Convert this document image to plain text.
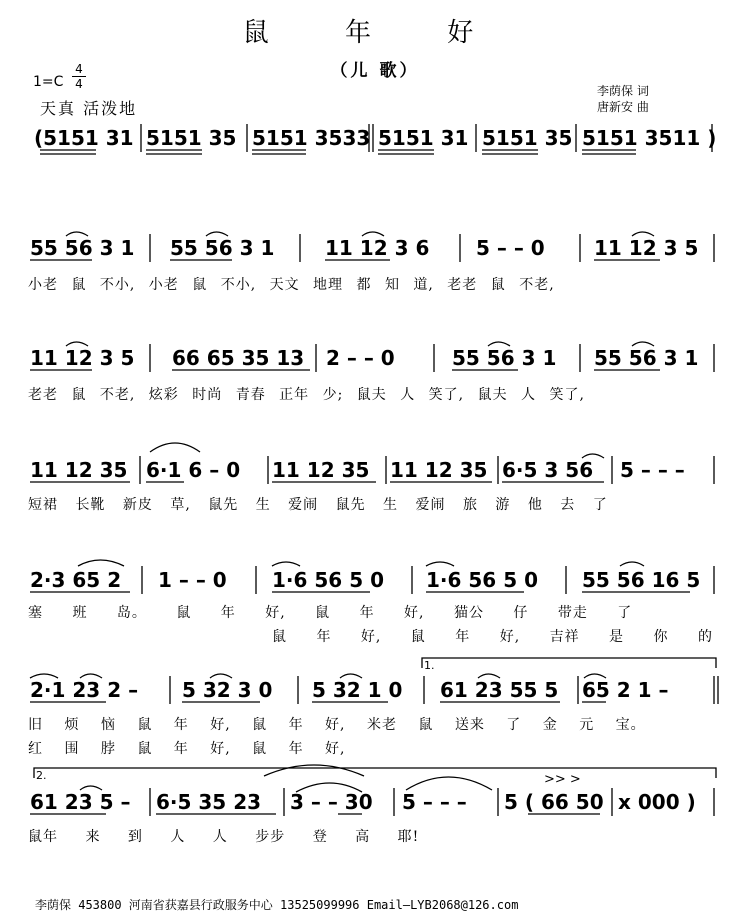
鼠 年 好
（儿 歌）
$1=C \frac{4}{4}$
天真 活泼地
李荫保 词
唐新安 曲
(5151 31 5151 35 5151 3533 5151 31 5151 35 5151 3511 )
55 56 3 1 55 56 3 1	11 12 3 6 5 – – 0 11 12 3 5
小老 鼠 不小, 小老 鼠 不小, 天文 地理 都 知 道, 老老 鼠 不老,
11 12 3 5 66 65 35 13 2 – – 0	55 56 3 1 55 56 3 1
老老 鼠 不老, 炫彩 时尚 青春 正年 少; 鼠夫 人 笑了, 鼠夫 人 笑了,
11 12 35 6·1 6 – 0 11 12 35 11 12 35 6·5 3 56 5 – – –
短裙 长靴 新皮 草, 鼠先 生 爱闹 鼠先 生 爱闹 旅 游 他 去 了
2·3 65 2 1 – – 0 1·6 56 5 0 1·6 56 5 0 55 56 16 5
塞 班 岛。 鼠 年 好, 鼠 年 好, 猫公 仔 带走 了
鼠 年 好, 鼠 年 好, 吉祥 是 你 的
1.
2·1 23 2 – 5 32 3 0 5 32 1 0 61 23 55 5 65 2 1 –
旧 烦 恼 鼠 年 好, 鼠 年 好, 米老 鼠 送来 了 金 元 宝。
红 围 脖 鼠 年 好, 鼠 年 好,
2.	>> >
61 23 5 – 6·5 35 23 3 – – 30 5 – – – 5 ( 66 50 x 000 )
鼠年 来 到 人 人 步步 登 高 耶!
李荫保 453800 河南省获嘉县行政服务中心 13525099996 Email—LYB2068@126.com
